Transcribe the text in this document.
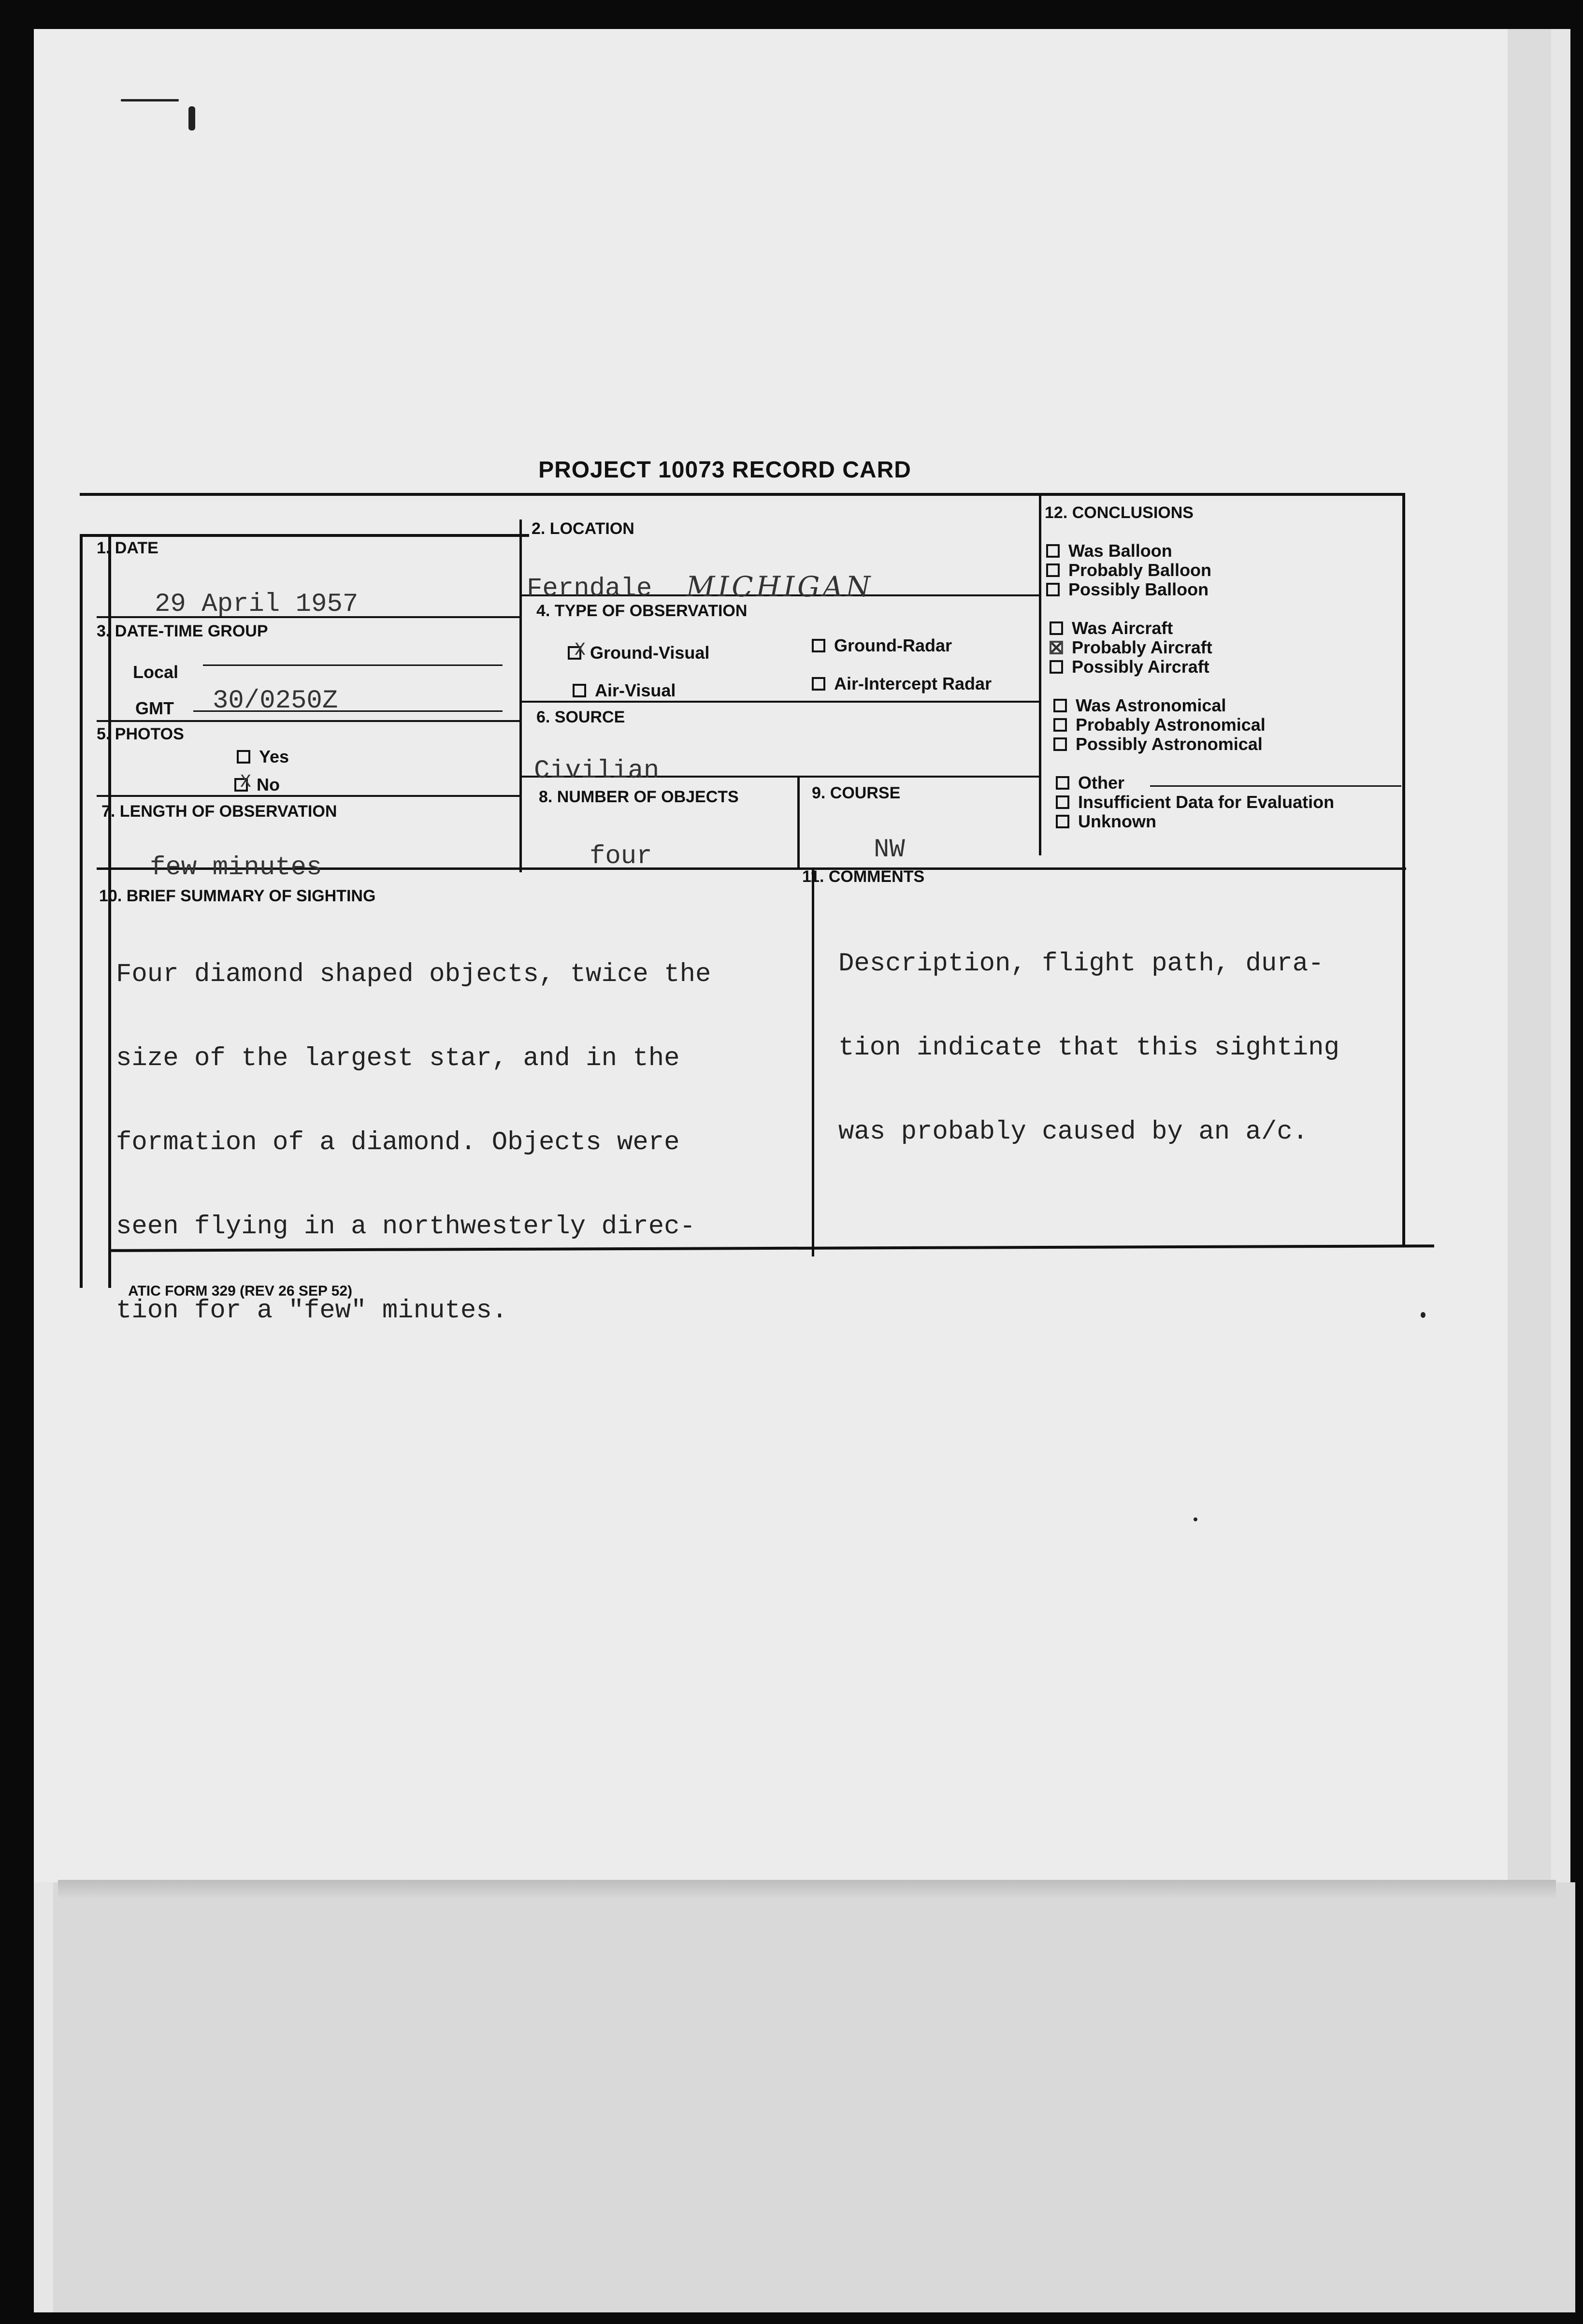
PROJECT 10073 RECORD CARD
1. DATE
29 April 1957
2. LOCATION
Ferndale MICHIGAN
3. DATE-TIME GROUP
Local
GMT 30/0250Z
4. TYPE OF OBSERVATION
X Ground-Visual	Ground-Radar
Air-Visual	Air-Intercept Radar
5. PHOTOS
Yes
X No
6. SOURCE
Civilian
7. LENGTH OF OBSERVATION
few minutes
8. NUMBER OF OBJECTS
four
9. COURSE
NW
10. BRIEF SUMMARY OF SIGHTING

Four diamond shaped objects, twice the

size of the largest star, and in the

formation of a diamond. Objects were

seen flying in a northwesterly direc-

tion for a "few" minutes.

11. COMMENTS

Description, flight path, dura-

tion indicate that this sighting

was probably caused by an a/c.

12. CONCLUSIONS
Was Balloon
Probably Balloon
Possibly Balloon
Was Aircraft
Probably Aircraft
Possibly Aircraft
Was Astronomical
Probably Astronomical
Possibly Astronomical
Other
Insufficient Data for Evaluation
Unknown
ATIC FORM 329 (REV 26 SEP 52)
